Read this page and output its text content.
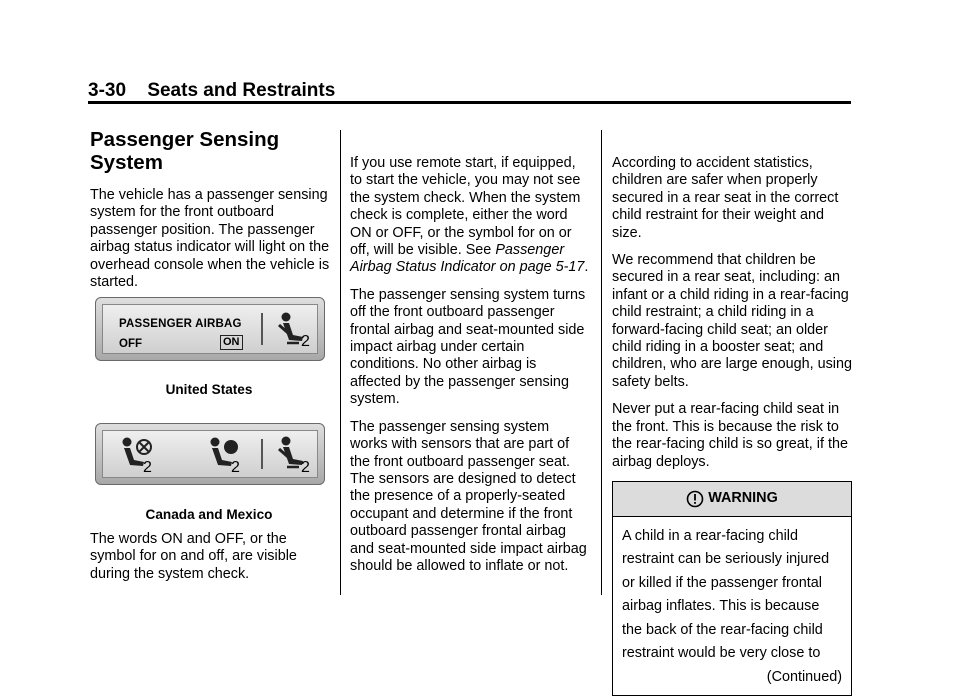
3-30 Seats and Restraints
Passenger Sensing System

The vehicle has a passenger sensing system for the front outboard passenger position. The passenger airbag status indicator will light on the overhead console when the vehicle is started.

PASSENGER AIRBAG
OFF	ON	2
United States
2	2	2
Canada and Mexico

The words ON and OFF, or the symbol for on and off, are visible during the system check.

If you use remote start, if equipped, to start the vehicle, you may not see the system check. When the system check is complete, either the word ON or OFF, or the symbol for on or off, will be visible. See Passenger Airbag Status Indicator on page 5-17.

The passenger sensing system turns off the front outboard passenger frontal airbag and seat-mounted side impact airbag under certain conditions. No other airbag is affected by the passenger sensing system.

The passenger sensing system works with sensors that are part of the front outboard passenger seat. The sensors are designed to detect the presence of a properly-seated occupant and determine if the front outboard passenger frontal airbag and seat-mounted side impact airbag should be allowed to inflate or not.

According to accident statistics, children are safer when properly secured in a rear seat in the correct child restraint for their weight and size.

We recommend that children be secured in a rear seat, including: an infant or a child riding in a rear-facing child restraint; a child riding in a forward-facing child seat; an older child riding in a booster seat; and children, who are large enough, using safety belts.

Never put a rear-facing child seat in the front. This is because the risk to the rear-facing child is so great, if the airbag deploys.

WARNING
A child in a rear-facing child restraint can be seriously injured or killed if the passenger frontal airbag inflates. This is because the back of the rear-facing child restraint would be very close to
(Continued)
